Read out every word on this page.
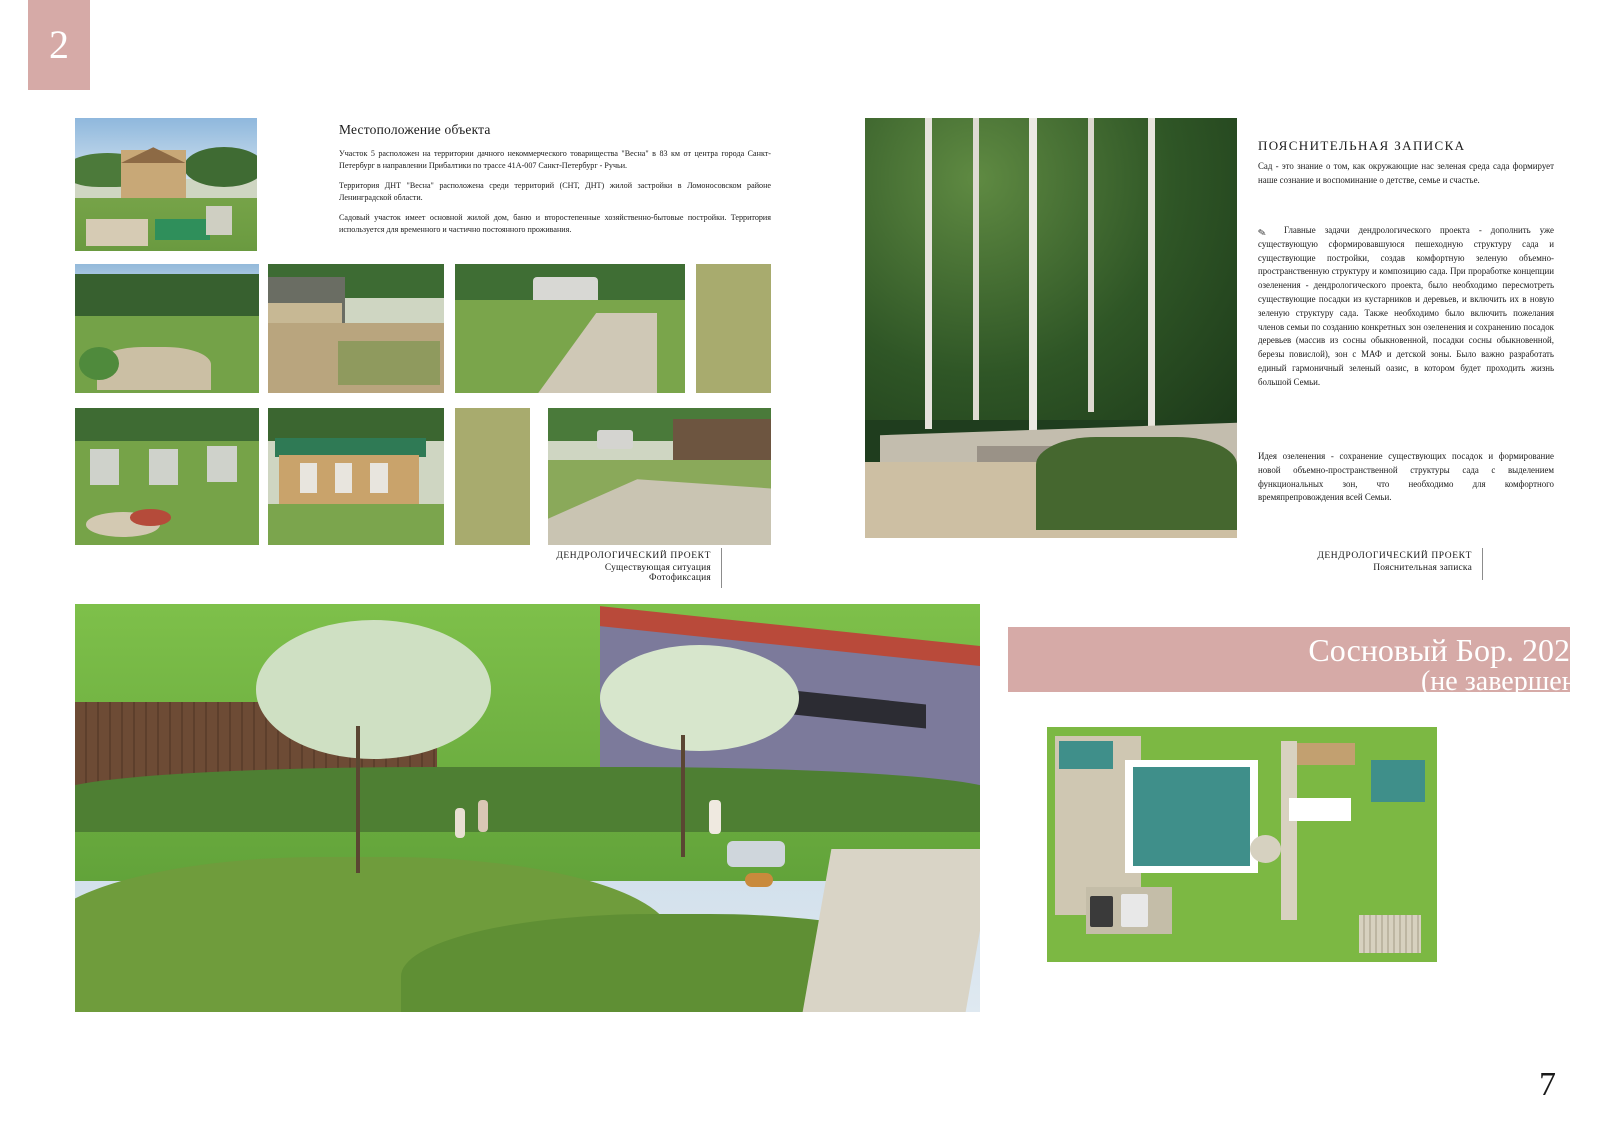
2
Местоположение объекта
Участок 5 расположен на территории дачного некоммерческого товарищества "Весна" в 83 км от центра города Санкт-Петербург в направлении Прибалтики по трассе 41А-007 Санкт-Петербург - Ручьи.
Территория ДНТ "Весна" расположена среди территорий (СНТ, ДНТ) жилой застройки в Ломоносовском районе Ленинградской области.
Садовый участок имеет основной жилой дом, баню и второстепенные хозяйственно-бытовые постройки. Территория используется для временного и частично постоянного проживания.
ДЕНДРОЛОГИЧЕСКИЙ ПРОЕКТ
Существующая ситуация
Фотофиксация
ПОЯСНИТЕЛЬНАЯ ЗАПИСКА
Сад - это знание о том, как окружающие нас зеленая среда сада формирует наше сознание и воспоминание о детстве, семье и счастье.
✎	Главные задачи дендрологического проекта - дополнить уже существующую сформировавшуюся пешеходную структуру сада и существующие постройки, создав комфортную зеленую объемно-пространственную структуру и композицию сада. При проработке концепции озеленения - дендрологического проекта, было необходимо пересмотреть существующие посадки из кустарников и деревьев, и включить их в новую зеленую структуру сада. Также необходимо было включить пожелания членов семьи по созданию конкретных зон озеленения и сохранению посадок деревьев (массив из сосны обыкновенной, посадки сосны обыкновенной, березы повислой), зон с МАФ и детской зоны. Было важно разработать единый гармоничный зеленый оазис, в котором будет проходить жизнь большой Семьи.
Идея озеленения - сохранение существующих посадок и формирование новой объемно-пространственной структуры сада с выделением функциональных зон, что необходимо для комфортного времяпрепровождения всей Семьи.
ДЕНДРОЛОГИЧЕСКИЙ ПРОЕКТ
Пояснительная записка
Сосновый Бор. 2021
(не завершен)
7
